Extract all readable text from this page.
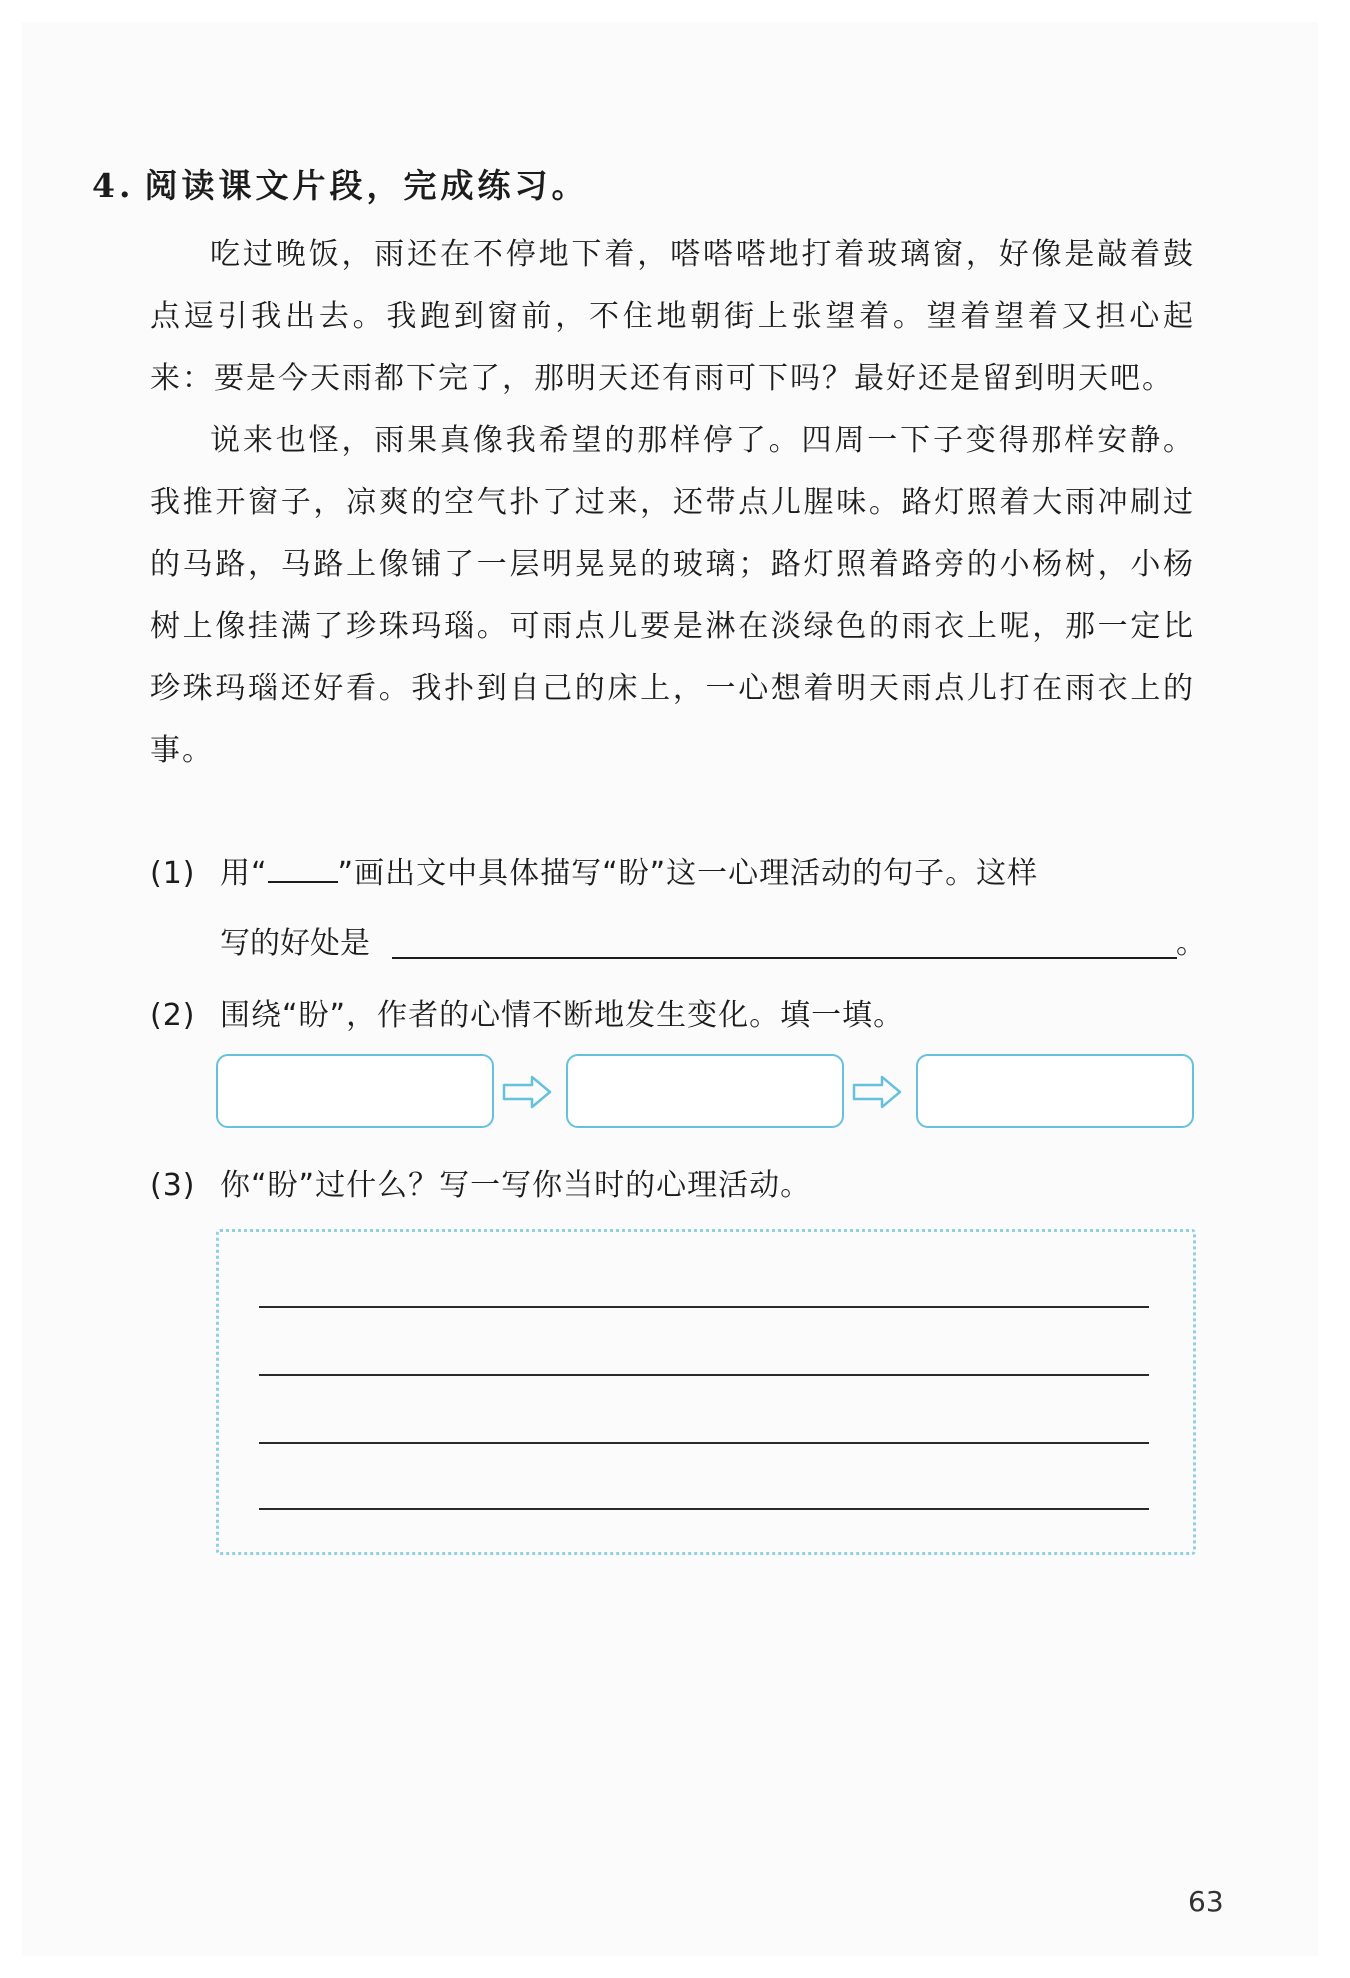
4. 阅读课文片段，完成练习。

吃过晚饭，雨还在不停地下着，嗒嗒嗒地打着玻璃窗，好像是敲着鼓点逗引我出去。我跑到窗前，不住地朝街上张望着。望着望着又担心起来：要是今天雨都下完了，那明天还有雨可下吗？最好还是留到明天吧。

说来也怪，雨果真像我希望的那样停了。四周一下子变得那样安静。我推开窗子，凉爽的空气扑了过来，还带点儿腥味。路灯照着大雨冲刷过的马路，马路上像铺了一层明晃晃的玻璃；路灯照着路旁的小杨树，小杨树上像挂满了珍珠玛瑙。可雨点儿要是淋在淡绿色的雨衣上呢，那一定比珍珠玛瑙还好看。我扑到自己的床上，一心想着明天雨点儿打在雨衣上的事。

(1) 用“ ”画出文中具体描写“盼”这一心理活动的句子。这样
写的好处是	。
(2) 围绕“盼”，作者的心情不断地发生变化。填一填。
(3) 你“盼”过什么？写一写你当时的心理活动。
63
